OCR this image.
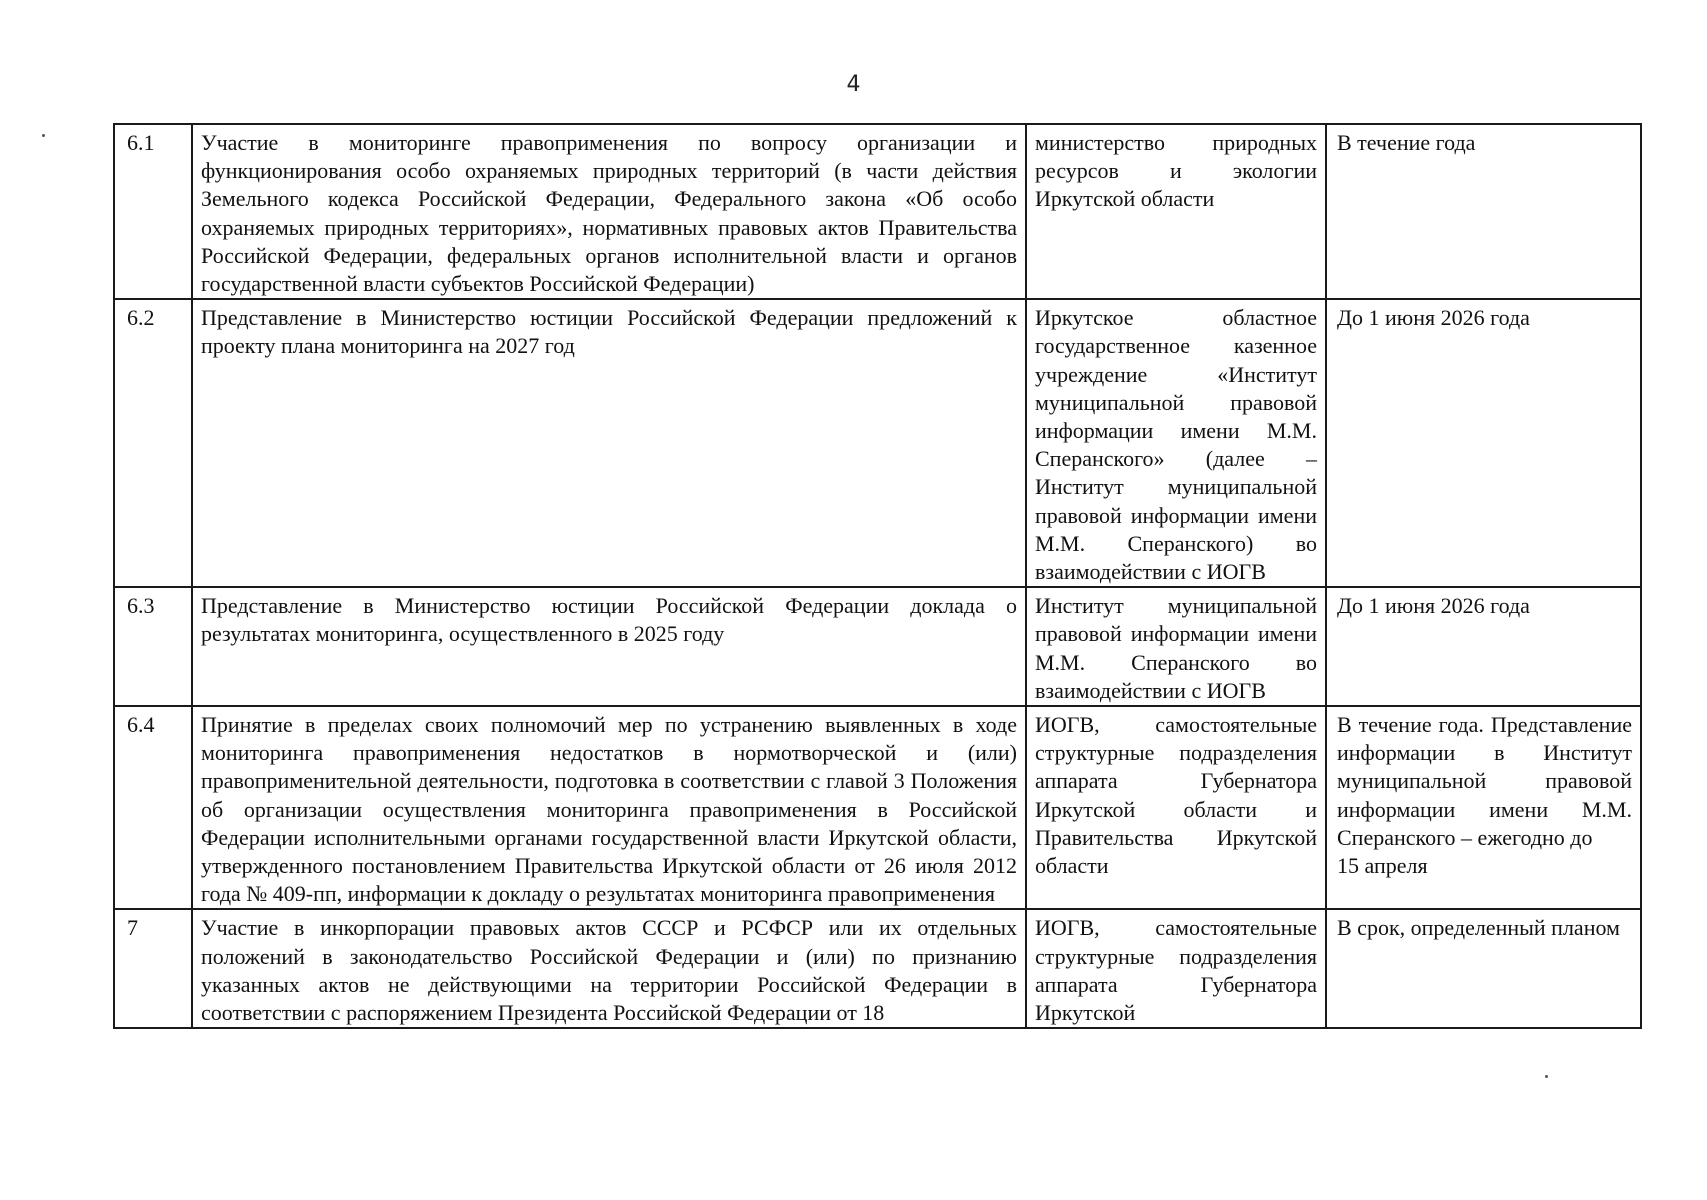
4
6.1	Участие в мониторинге правоприменения по вопросу организации и функционирования особо охраняемых природных территорий (в части действия Земельного кодекса Российской Федерации, Федерального закона «Об особо охраняемых природных территориях», нормативных правовых актов Правительства Российской Федерации, федеральных органов исполнительной власти и органов государственной власти субъектов Российской Федерации)	министерство природных ресурсов и экологии Иркутской области	В течение года
6.2	Представление в Министерство юстиции Российской Федерации предложений к проекту плана мониторинга на 2027 год	Иркутское областное государственное казенное учреждение «Институт муниципальной правовой информации имени М.М. Сперанского» (далее – Институт муниципальной правовой информации имени М.М. Сперанского) во взаимодействии с ИОГВ	До 1 июня 2026 года
6.3	Представление в Министерство юстиции Российской Федерации доклада о результатах мониторинга, осуществленного в 2025 году	Институт муниципальной правовой информации имени М.М. Сперанского во взаимодействии с ИОГВ	До 1 июня 2026 года
6.4	Принятие в пределах своих полномочий мер по устранению выявленных в ходе мониторинга правоприменения недостатков в нормотворческой и (или) правоприменительной деятельности, подготовка в соответствии с главой 3 Положения об организации осуществления мониторинга правоприменения в Российской Федерации исполнительными органами государственной власти Иркутской области, утвержденного постановлением Правительства Иркутской области от 26 июля 2012 года № 409-пп, информации к докладу о результатах мониторинга правоприменения	ИОГВ, самостоятельные структурные подразделения аппарата Губернатора Иркутской области и Правительства Иркутской области	В течение года. Представление информации в Институт муниципальной правовой информации имени М.М. Сперанского – ежегодно до
15 апреля
7	Участие в инкорпорации правовых актов СССР и РСФСР или их отдельных положений в законодательство Российской Федерации и (или) по признанию указанных актов не действующими на территории Российской Федерации в соответствии с распоряжением Президента Российской Федерации от 18	ИОГВ, самостоятельные структурные подразделения аппарата Губернатора Иркутской	В срок, определенный планом
